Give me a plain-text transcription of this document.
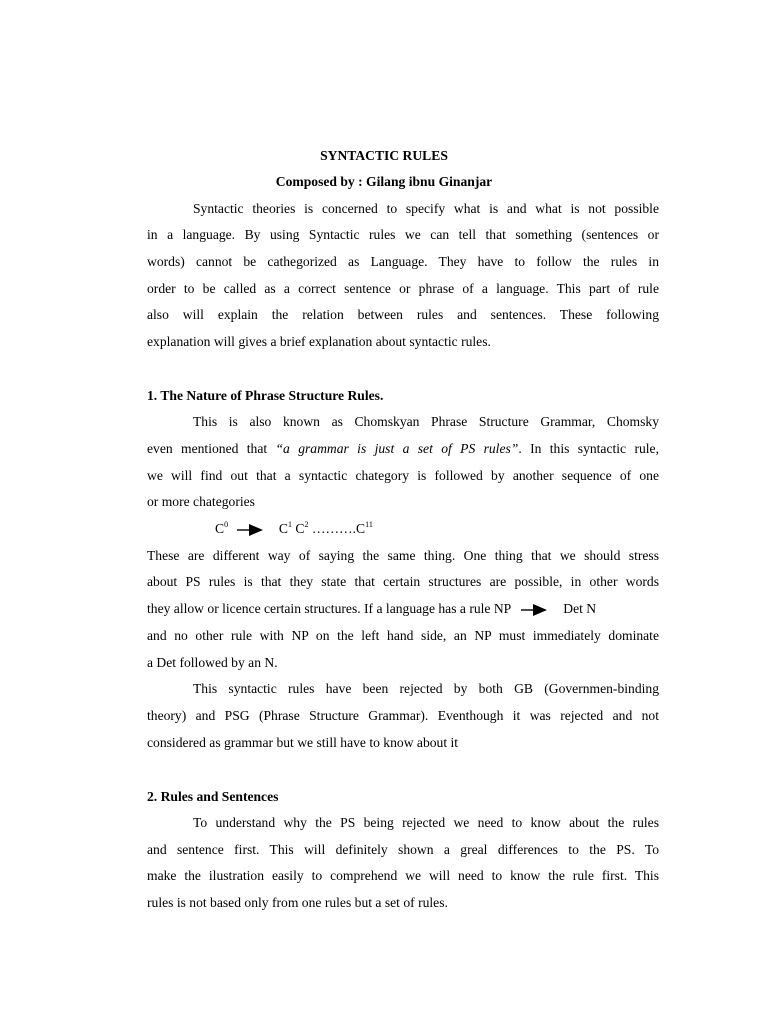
SYNTACTIC RULES
Composed by : Gilang ibnu Ginanjar
Syntactic theories is concerned to specify what is and what is not possible
in a language. By using Syntactic rules we can tell that something (sentences or
words) cannot be cathegorized as Language. They have to follow the rules in
order to be called as a correct sentence or phrase of a language. This part of rule
also will explain the relation between rules and sentences. These following
explanation will gives a brief explanation about syntactic rules.
1. The Nature of Phrase Structure Rules.
This is also known as Chomskyan Phrase Structure Grammar, Chomsky
even mentioned that “a grammar is just a set of PS rules”. In this syntactic rule,
we will find out that a syntactic chategory is followed by another sequence of one
or more chategories
$C^0$	$C^1$ $C^2$ $\dots\dots\dots.C^{11}$
These are different way of saying the same thing. One thing that we should stress
about PS rules is that they state that certain structures are possible, in other words
they allow or licence certain structures. If a language has a rule NP	Det N
and no other rule with NP on the left hand side, an NP must immediately dominate
a Det followed by an N.
This syntactic rules have been rejected by both GB (Governmen-binding
theory) and PSG (Phrase Structure Grammar). Eventhough it was rejected and not
considered as grammar but we still have to know about it
2. Rules and Sentences
To understand why the PS being rejected we need to know about the rules
and sentence first. This will definitely shown a greal differences to the PS. To
make the ilustration easily to comprehend we will need to know the rule first. This
rules is not based only from one rules but a set of rules.
